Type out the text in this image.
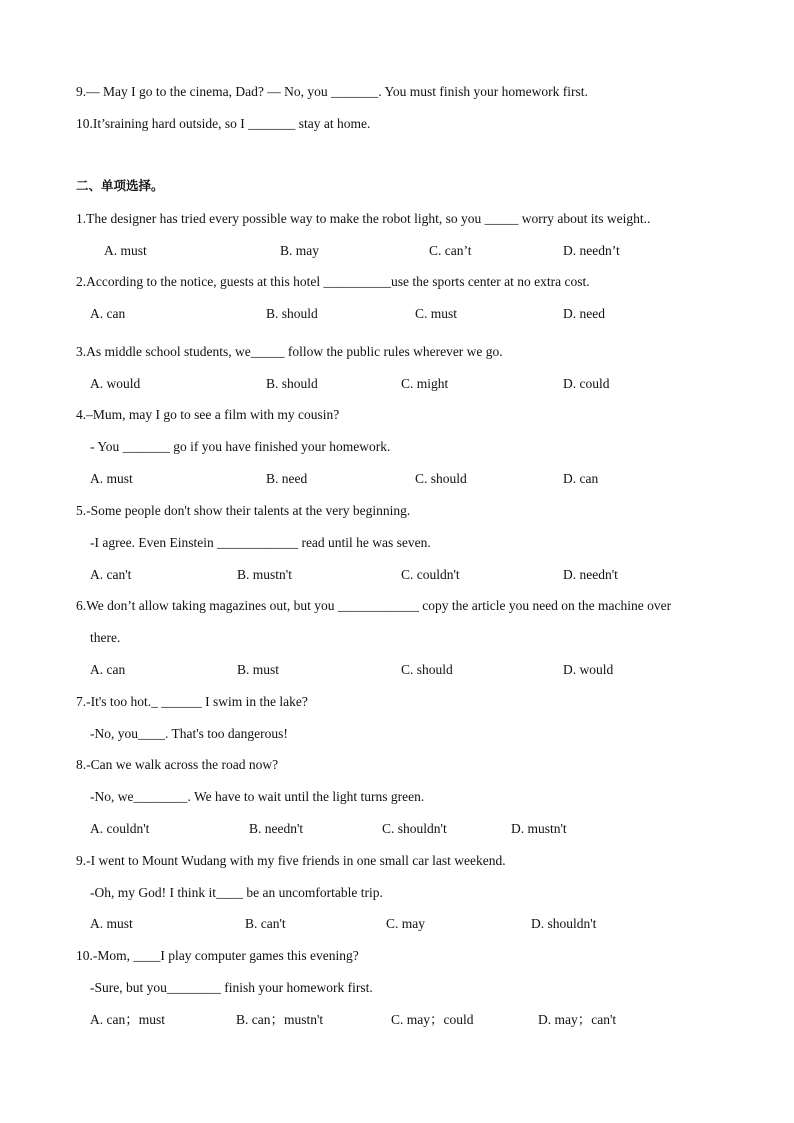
9.— May I go to the cinema, Dad? — No, you _______. You must finish your homework first.
10.It’sraining hard outside, so I _______ stay at home.
二、单项选择。
1.The designer has tried every possible way to make the robot light, so you _____ worry about its weight..
A. must	B. may	C. can’t	D. needn’t
2.According to the notice, guests at this hotel __________use the sports center at no extra cost.
A. can	B. should	C. must	D. need
3.As middle school students, we_____ follow the public rules wherever we go.
A. would	B. should	C. might	D. could
4.–Mum, may I go to see a film with my cousin?
- You _______ go if you have finished your homework.
A. must	B. need	C. should	D. can
5.-Some people don't show their talents at the very beginning.
-I agree. Even Einstein ____________ read until he was seven.
A. can't	B. mustn't	C. couldn't	D. needn't
6.We don’t allow taking magazines out, but you ____________ copy the article you need on the machine over
there.
A. can	B. must	C. should	D. would
7.-It's too hot._ ______ I swim in the lake?
-No, you____. That's too dangerous!
8.-Can we walk across the road now?
-No, we________. We have to wait until the light turns green.
A. couldn't	B. needn't	C. shouldn't	D. mustn't
9.-I went to Mount Wudang with my five friends in one small car last weekend.
-Oh, my God! I think it____ be an uncomfortable trip.
A. must	B. can't	C. may	D. shouldn't
10.-Mom, ____I play computer games this evening?
-Sure, but you________ finish your homework first.
A. can；must	B. can；mustn't	C. may；could	D. may；can't
